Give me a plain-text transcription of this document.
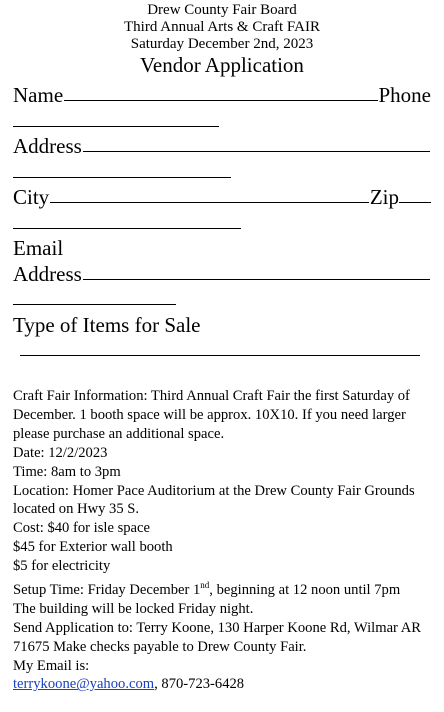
Drew County Fair Board
Third Annual Arts & Craft FAIR
Saturday December 2nd, 2023
Vendor Application
Name	Phone
Address
City	Zip
Email
Address
Type of Items for Sale

Craft Fair Information: Third Annual Craft Fair the first Saturday of December. 1 booth space will be approx. 10X10. If you need larger please purchase an additional space.

Date: 12/2/2023

Time: 8am to 3pm

Location: Homer Pace Auditorium at the Drew County Fair Grounds located on Hwy 35 S.

Cost: $40 for isle space

$45 for Exterior wall booth

$5 for electricity

Setup Time: Friday December 1nd, beginning at 12 noon until 7pm

The building will be locked Friday night.

Send Application to: Terry Koone, 130 Harper Koone Rd, Wilmar AR 71675 Make checks payable to Drew County Fair.

My Email is:

terrykoone@yahoo.com, 870-723-6428
